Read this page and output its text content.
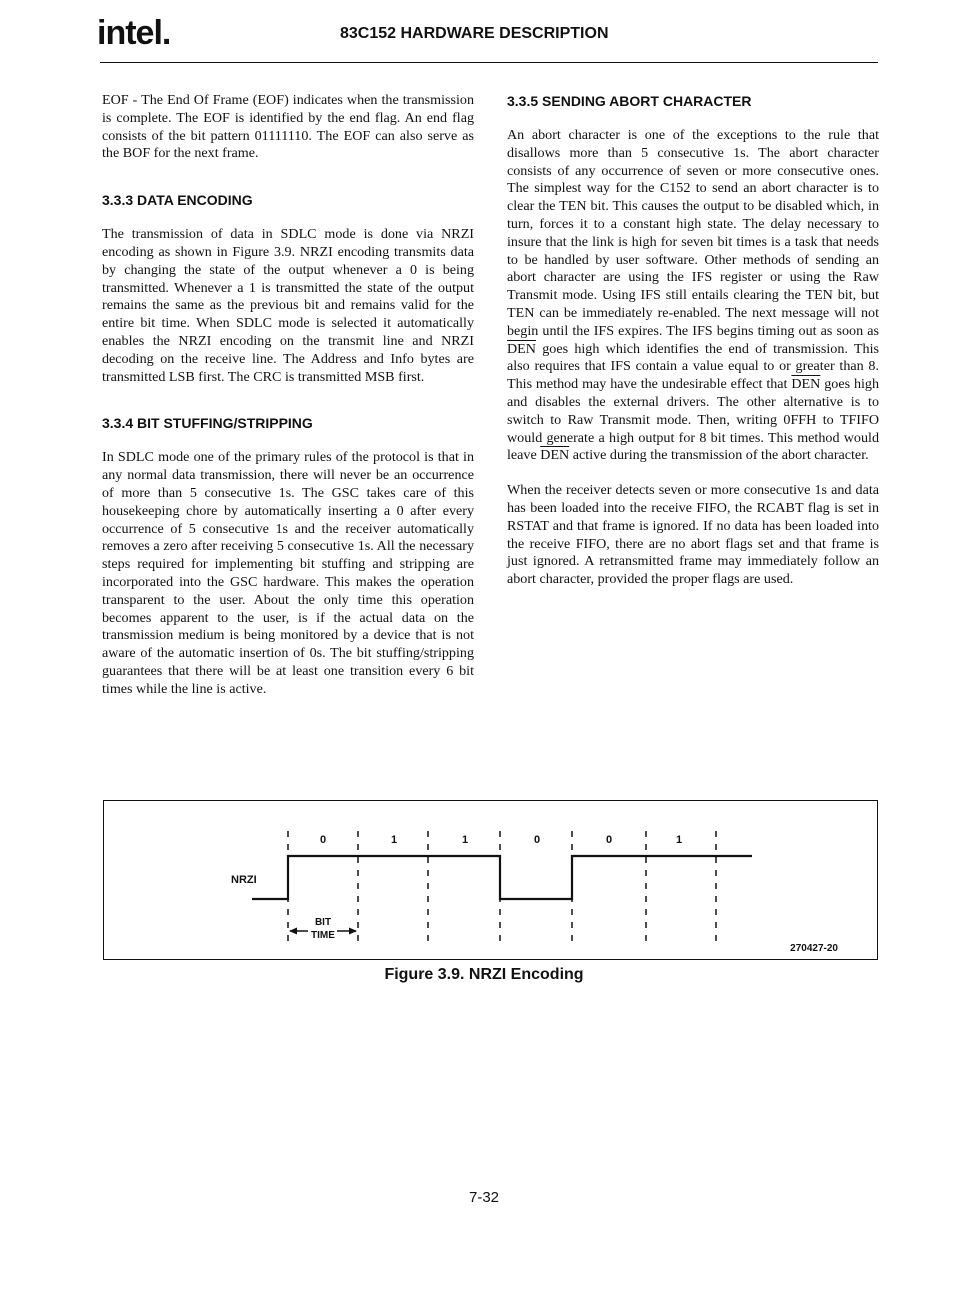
intel.	83C152 HARDWARE DESCRIPTION

EOF - The End Of Frame (EOF) indicates when the transmission is complete. The EOF is identified by the end flag. An end flag consists of the bit pattern 01111110. The EOF can also serve as the BOF for the next frame.

3.3.3 DATA ENCODING

The transmission of data in SDLC mode is done via NRZI encoding as shown in Figure 3.9. NRZI encoding transmits data by changing the state of the output whenever a 0 is being transmitted. Whenever a 1 is transmitted the state of the output remains the same as the previous bit and remains valid for the entire bit time. When SDLC mode is selected it automatically enables the NRZI encoding on the transmit line and NRZI decoding on the receive line. The Address and Info bytes are transmitted LSB first. The CRC is transmitted MSB first.

3.3.4 BIT STUFFING/STRIPPING

In SDLC mode one of the primary rules of the protocol is that in any normal data transmission, there will never be an occurrence of more than 5 consecutive 1s. The GSC takes care of this housekeeping chore by automatically inserting a 0 after every occurrence of 5 consecutive 1s and the receiver automatically removes a zero after receiving 5 consecutive 1s. All the necessary steps required for implementing bit stuffing and stripping are incorporated into the GSC hardware. This makes the operation transparent to the user. About the only time this operation becomes apparent to the user, is if the actual data on the transmission medium is being monitored by a device that is not aware of the automatic insertion of 0s. The bit stuffing/stripping guarantees that there will be at least one transition every 6 bit times while the line is active.

3.3.5 SENDING ABORT CHARACTER

An abort character is one of the exceptions to the rule that disallows more than 5 consecutive 1s. The abort character consists of any occurrence of seven or more consecutive ones. The simplest way for the C152 to send an abort character is to clear the TEN bit. This causes the output to be disabled which, in turn, forces it to a constant high state. The delay necessary to insure that the link is high for seven bit times is a task that needs to be handled by user software. Other methods of sending an abort character are using the IFS register or using the Raw Transmit mode. Using IFS still entails clearing the TEN bit, but TEN can be immediately re-enabled. The next message will not begin until the IFS expires. The IFS begins timing out as soon as $\overline{DEN}$ goes high which identifies the end of transmission. This also requires that IFS contain a value equal to or greater than 8. This method may have the undesirable effect that $\overline{DEN}$ goes high and disables the external drivers. The other alternative is to switch to Raw Transmit mode. Then, writing 0FFH to TFIFO would generate a high output for 8 bit times. This method would leave $\overline{DEN}$ active during the transmission of the abort character.

When the receiver detects seven or more consecutive 1s and data has been loaded into the receive FIFO, the RCABT flag is set in RSTAT and that frame is ignored. If no data has been loaded into the receive FIFO, there are no abort flags set and that frame is just ignored. A retransmitted frame may immediately follow an abort character, provided the proper flags are used.

0	1	1	0	0	1
NRZI
BIT
TIME
270427-20
Figure 3.9. NRZI Encoding
7-32
